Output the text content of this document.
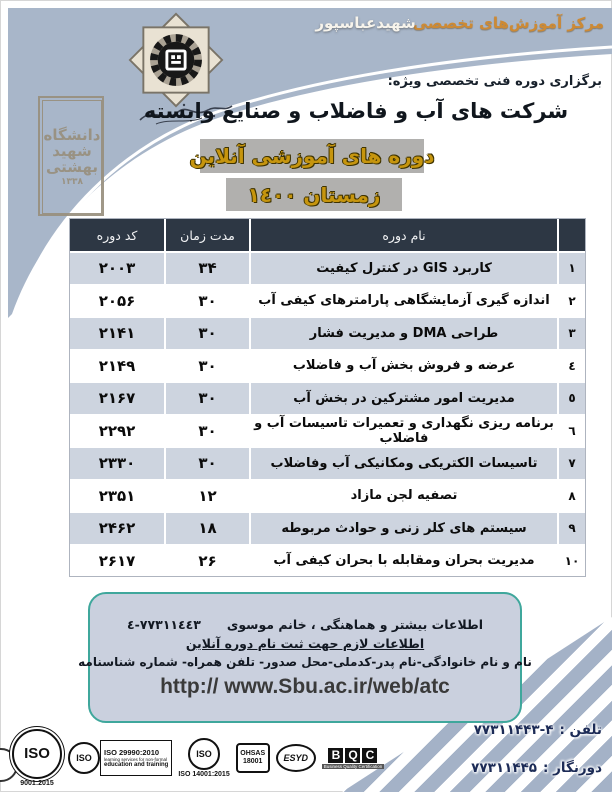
دانشگاه
شهید
بهشتی
١٣٣٨
مرکز آموزش‌های تخصصی
شهیدعباسپور
برگزاری دوره فنی تخصصی ویژه:
شرکت های آب و فاضلاب و صنایع وابسته
دوره های آموزشی آنلاین
زمستان ١٤٠٠
نام دوره
مدت زمان
کد دوره
۱
کاربرد GIS در کنترل کیفیت
۳۴
۲۰۰۳
۲
اندازه گیری آزمایشگاهی پارامترهای کیفی آب
۳۰
۲۰۵۶
۳
طراحی DMA و مدیریت فشار
۳۰
۲۱۴۱
٤
عرضه و فروش بخش آب و فاضلاب
۳۰
۲۱۴۹
٥
مدیریت امور مشترکین در بخش آب
۳۰
۲۱۶۷
٦
برنامه ریزی نگهداری و تعمیرات تاسیسات آب و فاضلاب
۳۰
۲۲۹۲
۷
تاسیسات الکتریکی ومکانیکی آب وفاضلاب
۳۰
۲۳۳۰
۸
تصفیه لجن مازاد
۱۲
۲۳۵۱
۹
سیستم های کلر زنی و حوادث مربوطه
۱۸
۲۴۶۲
۱۰
مدیریت بحران ومقابله با بحران کیفی آب
۲۶
۲۶۱۷
اطلاعات بیشتر و هماهنگی ، خانم موسوی
٧٧٣١١٤٤٣-٤
اطلاعات لازم جهت ثبت نام دوره آنلاین
نام و نام خانوادگی-نام پدر-کدملی-محل صدور- تلفن همراه- شماره شناسنامه
http:// www.Sbu.ac.ir/web/atc
تلفن :
۷۷۳۱۱۴۴۳-۴
دورنگار :
۷۷۳۱۱۴۴۵
ISO
9001:2015
ISO
ISO 29990:2010
learning services for non-formal
education and training
ISO
ISO 14001:2015
OHSAS
18001	ESYD	B Q C
Business Quality Certification
